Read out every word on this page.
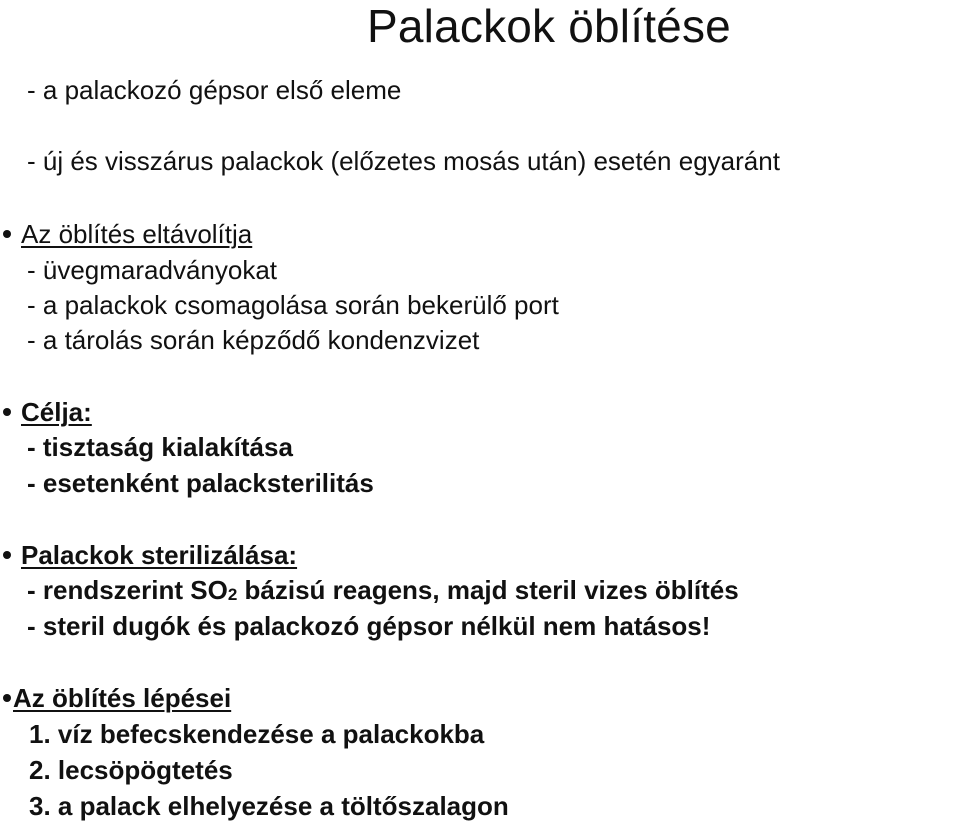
Palackok öblítése
- a palackozó gépsor első eleme
- új és visszárus palackok (előzetes mosás után) esetén egyaránt
Az öblítés eltávolítja
- üvegmaradványokat
- a palackok csomagolása során bekerülő port
- a tárolás során képződő kondenzvizet
Célja:
- tisztaság kialakítása
- esetenként palacksterilitás
Palackok sterilizálása:
- rendszerint $SO_2$ bázisú reagens, majd steril vizes öblítés
- steril dugók és palackozó gépsor nélkül nem hatásos!
Az öblítés lépései
1. víz befecskendezése a palackokba
2. lecsöpögtetés
3. a palack elhelyezése a töltőszalagon
